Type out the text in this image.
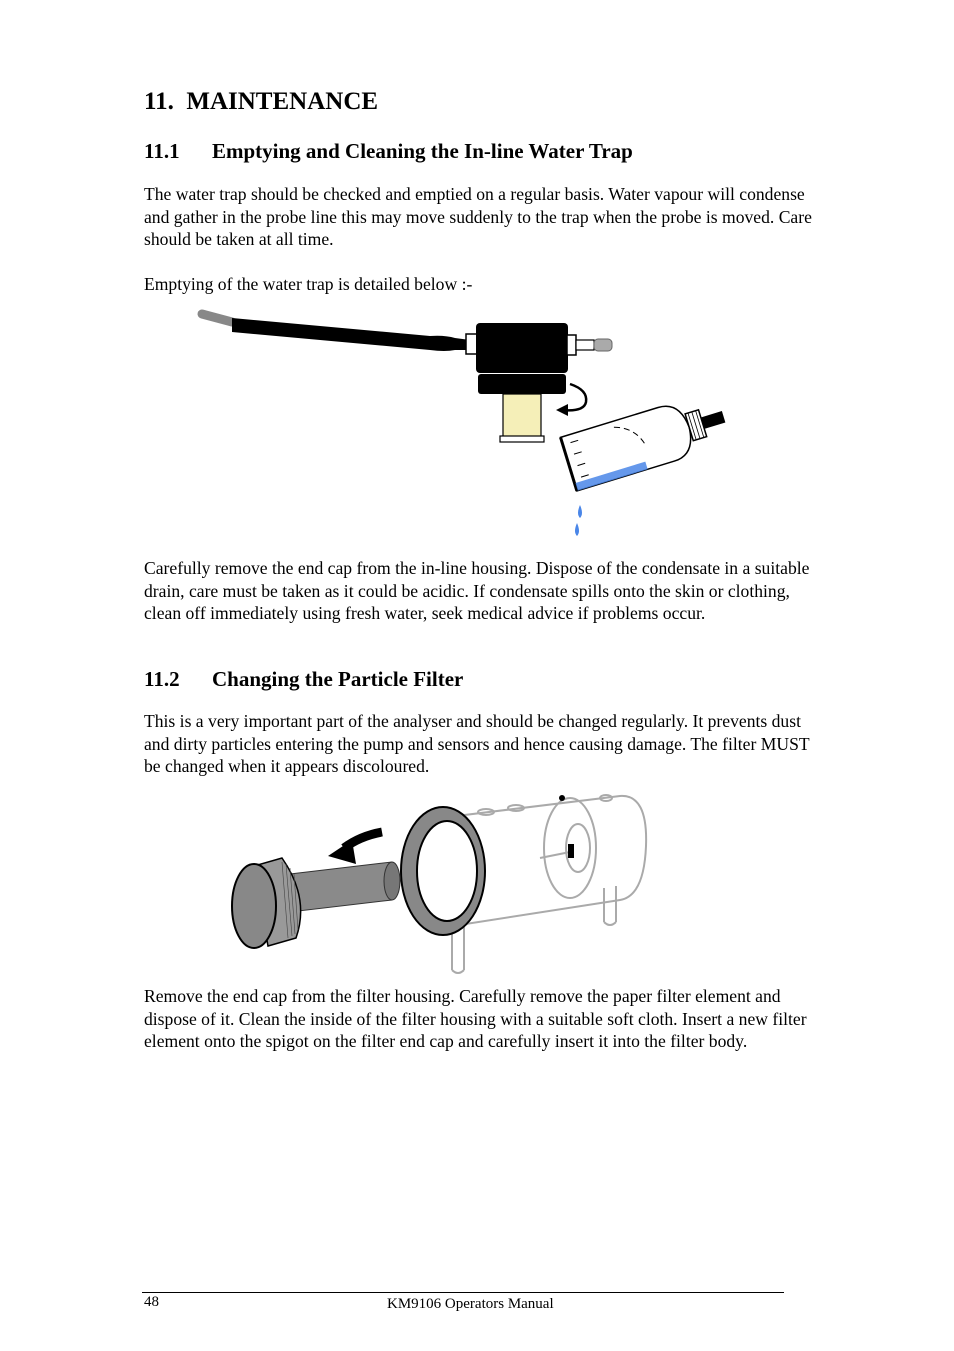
11. MAINTENANCE
11.1 Emptying and Cleaning the In-line Water Trap

The water trap should be checked and emptied on a regular basis. Water vapour will condense and gather in the probe line this may move suddenly to the trap when the probe is moved. Care should be taken at all time.

Emptying of the water trap is detailed below :-

Carefully remove the end cap from the in-line housing. Dispose of the condensate in a suitable drain, care must be taken as it could be acidic. If condensate spills onto the skin or clothing, clean off immediately using fresh water, seek medical advice if problems occur.

11.2 Changing the Particle Filter

This is a very important part of the analyser and should be changed regularly. It prevents dust and dirty particles entering the pump and sensors and hence causing damage. The filter MUST be changed when it appears discoloured.

Remove the end cap from the filter housing. Carefully remove the paper filter element and dispose of it. Clean the inside of the filter housing with a suitable soft cloth. Insert a new filter element onto the spigot on the filter end cap and carefully insert it into the filter body.

48	KM9106 Operators Manual
